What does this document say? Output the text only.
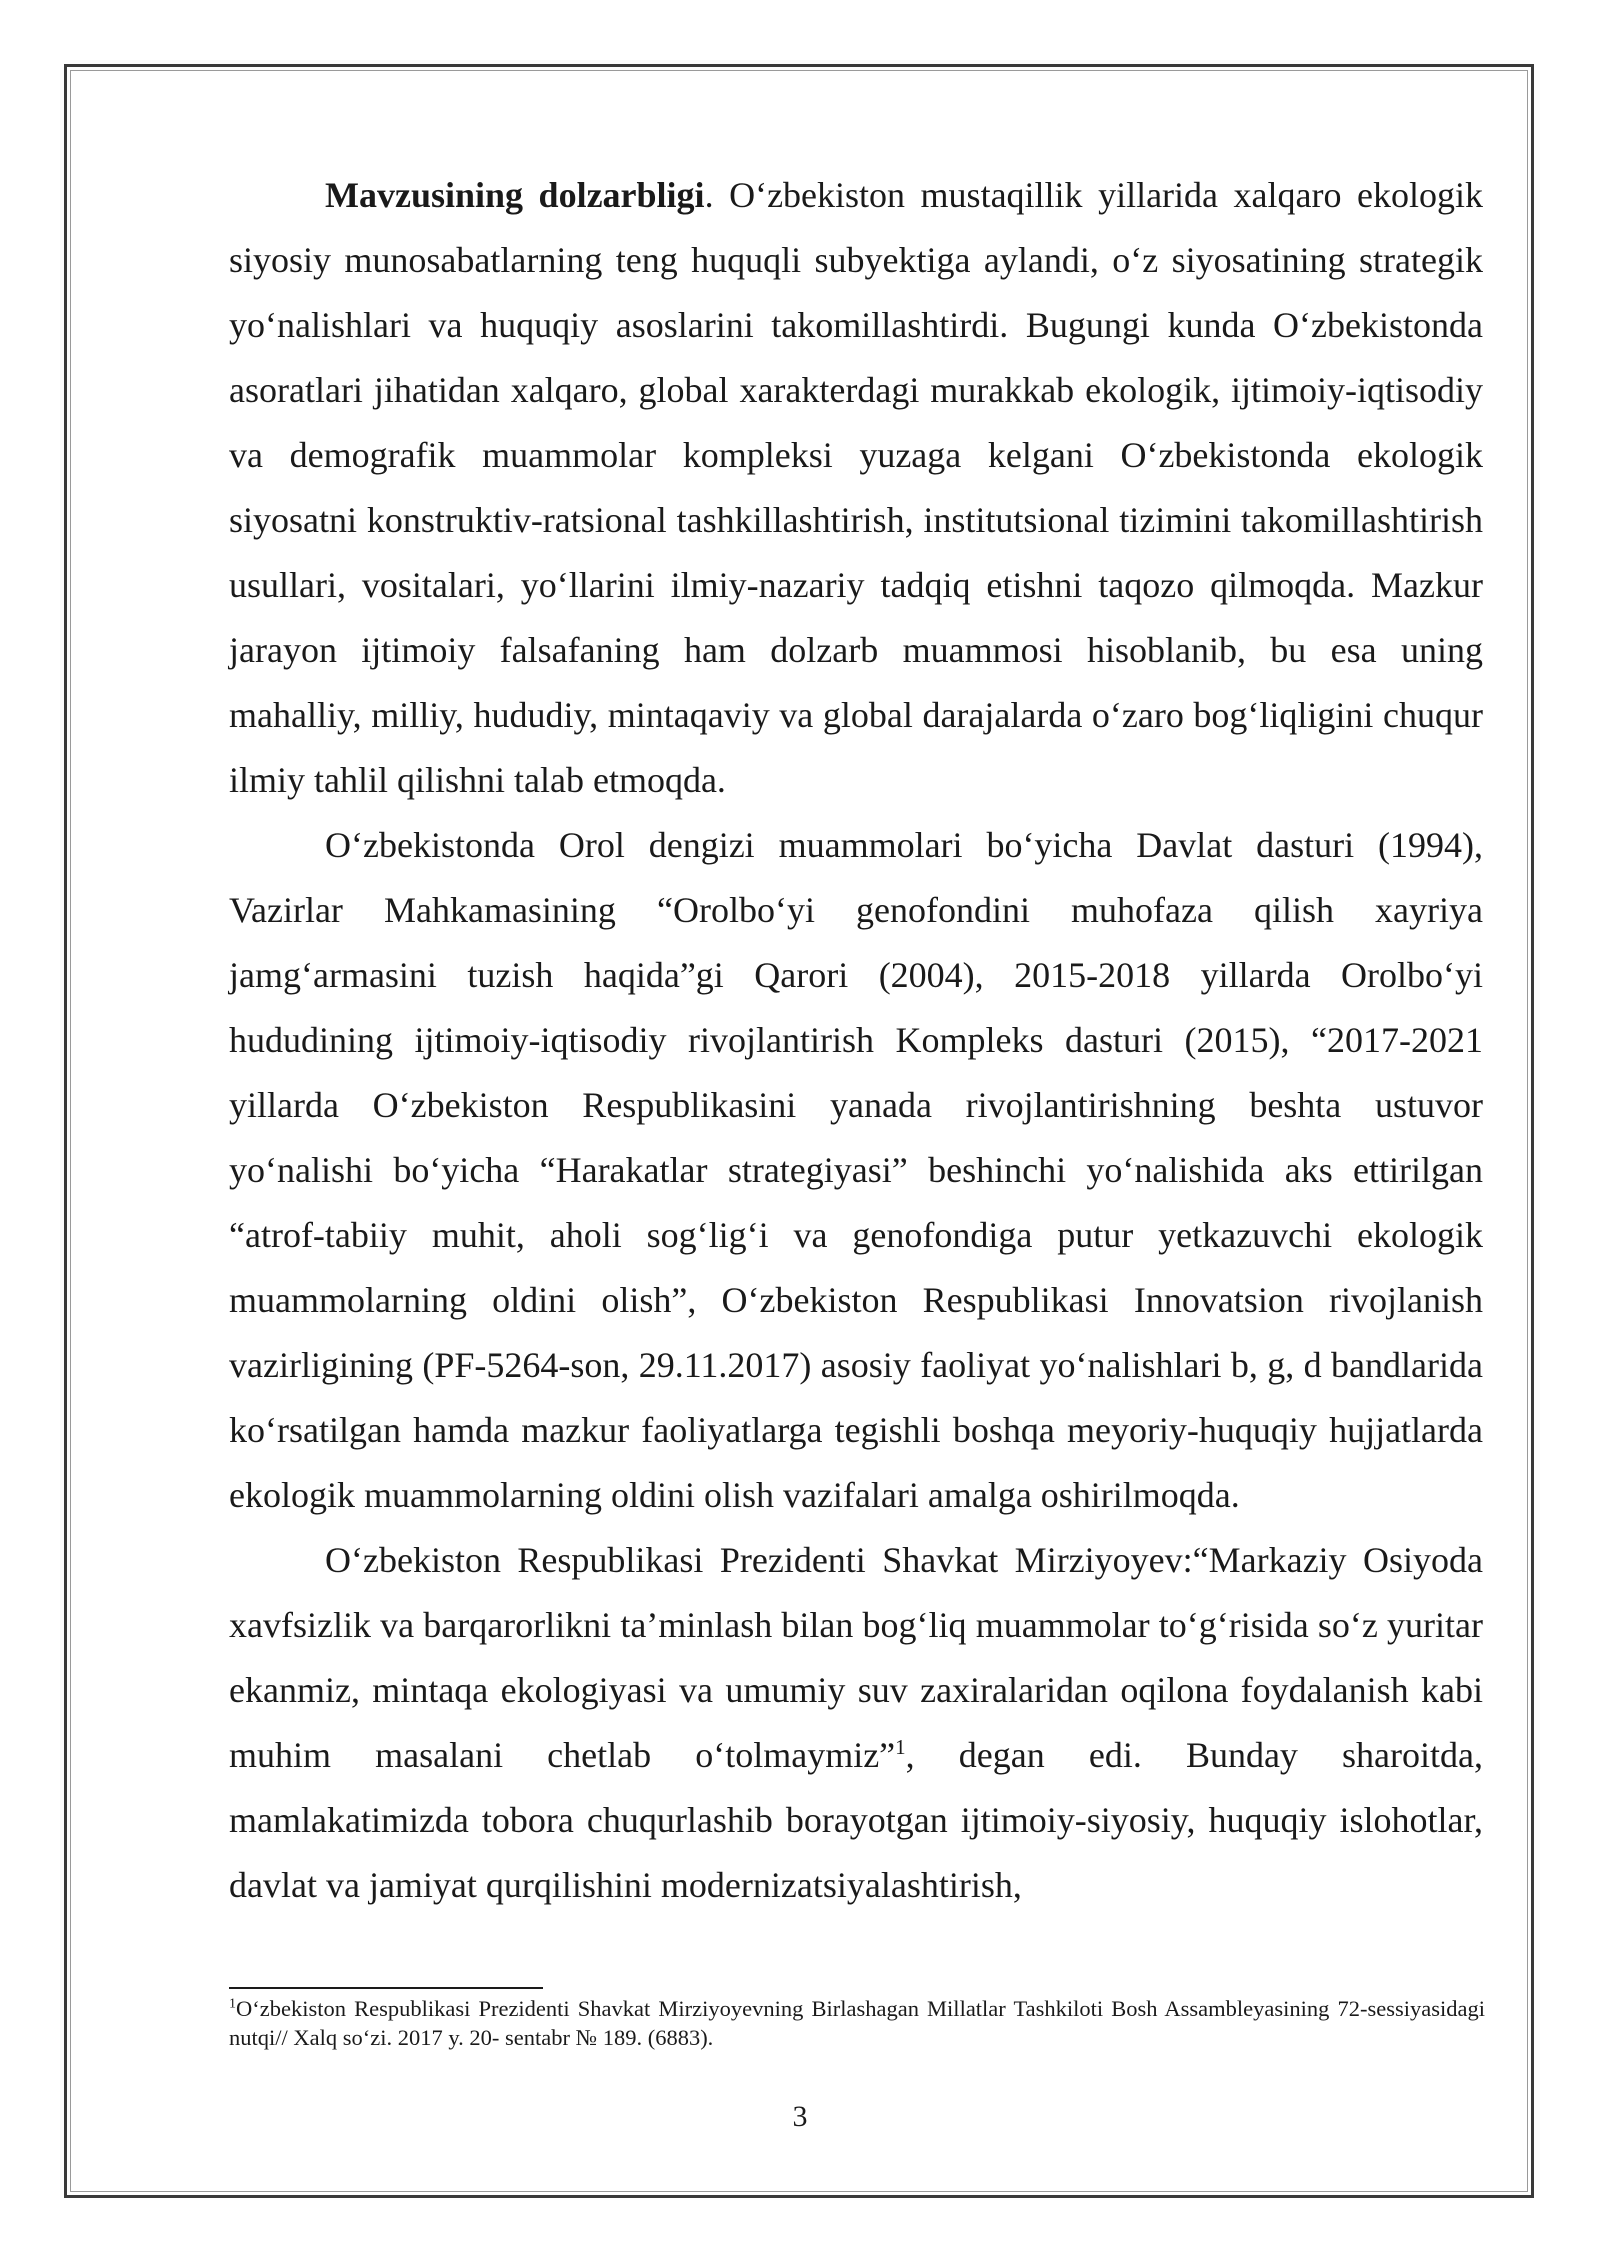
Mavzusining dolzarbligi. O‘zbekiston mustaqillik yillarida xalqaro ekologik siyosiy munosabatlarning teng huquqli subyektiga aylandi, o‘z siyosatining strategik yo‘nalishlari va huquqiy asoslarini takomillashtirdi. Bugungi kunda O‘zbekistonda asoratlari jihatidan xalqaro, global xarakterdagi murakkab ekologik, ijtimoiy-iqtisodiy va demografik muammolar kompleksi yuzaga kelgani O‘zbekistonda ekologik siyosatni konstruktiv-ratsional tashkillashtirish, institutsional tizimini takomillashtirish usullari, vositalari, yo‘llarini ilmiy-nazariy tadqiq etishni taqozo qilmoqda. Mazkur jarayon ijtimoiy falsafaning ham dolzarb muammosi hisoblanib, bu esa uning mahalliy, milliy, hududiy, mintaqaviy va global darajalarda o‘zaro bog‘liqligini chuqur ilmiy tahlil qilishni talab etmoqda.

O‘zbekistonda Orol dengizi muammolari bo‘yicha Davlat dasturi (1994), Vazirlar Mahkamasining “Orolbo‘yi genofondini muhofaza qilish xayriya jamg‘armasini tuzish haqida”gi Qarori (2004), 2015-2018 yillarda Orolbo‘yi hududining ijtimoiy-iqtisodiy rivojlantirish Kompleks dasturi (2015), “2017-2021 yillarda O‘zbekiston Respublikasini yanada rivojlantirishning beshta ustuvor yo‘nalishi bo‘yicha “Harakatlar strategiyasi” beshinchi yo‘nalishida aks ettirilgan “atrof-tabiiy muhit, aholi sog‘lig‘i va genofondiga putur yetkazuvchi ekologik muammolarning oldini olish”, O‘zbekiston Respublikasi Innovatsion rivojlanish vazirligining (PF-5264-son, 29.11.2017) asosiy faoliyat yo‘nalishlari b, g, d bandlarida ko‘rsatilgan hamda mazkur faoliyatlarga tegishli boshqa meyoriy-huquqiy hujjatlarda ekologik muammolarning oldini olish vazifalari amalga oshirilmoqda.

O‘zbekiston Respublikasi Prezidenti Shavkat Mirziyoyev:“Markaziy Osiyoda xavfsizlik va barqarorlikni ta’minlash bilan bog‘liq muammolar to‘g‘risida so‘z yuritar ekanmiz, mintaqa ekologiyasi va umumiy suv zaxiralaridan oqilona foydalanish kabi muhim masalani chetlab o‘tolmaymiz”$^1$, degan edi. Bunday sharoitda, mamlakatimizda tobora chuqurlashib borayotgan ijtimoiy-siyosiy, huquqiy islohotlar, davlat va jamiyat qurqilishini modernizatsiyalashtirish,

$^1$O‘zbekiston Respublikasi Prezidenti Shavkat Mirziyoyevning Birlashagan Millatlar Tashkiloti Bosh Assambleyasining 72-sessiyasidagi nutqi// Xalq so‘zi. 2017 y. 20- sentabr № 189. (6883).

3
